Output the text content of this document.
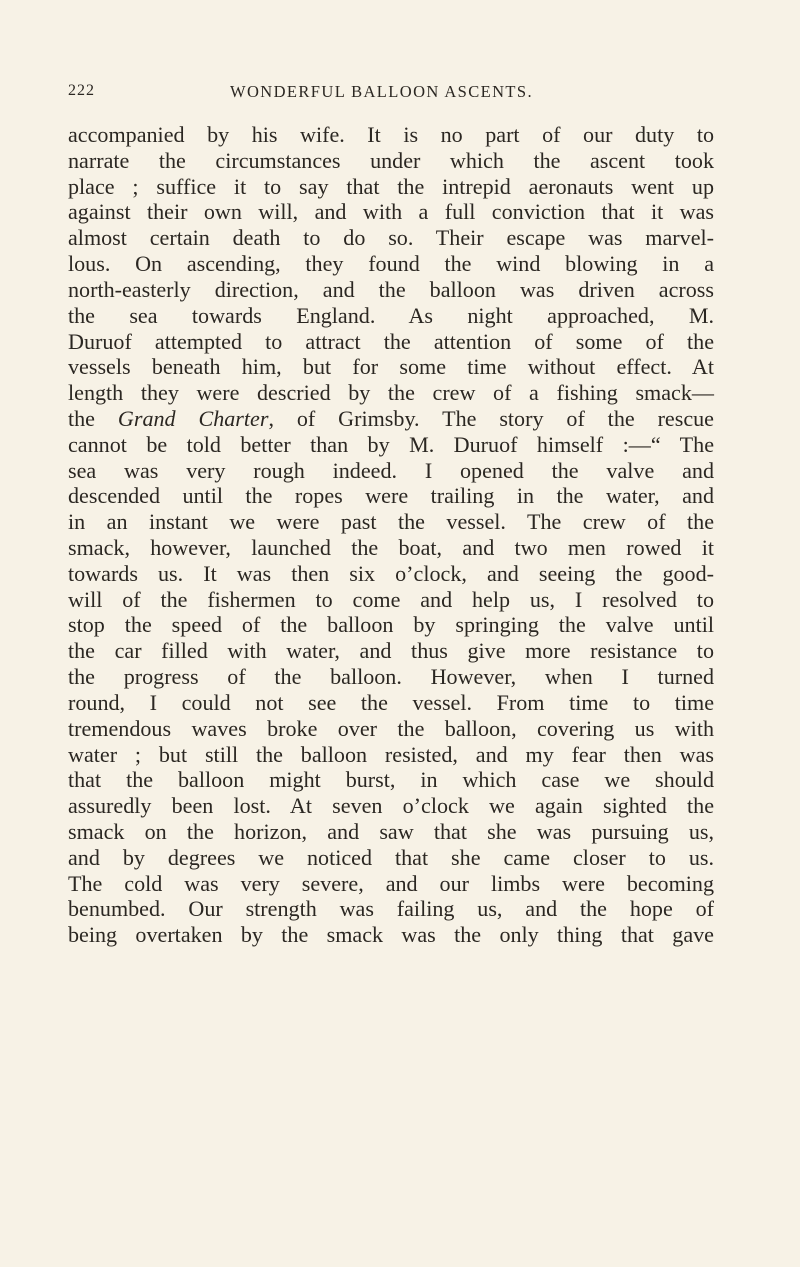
222	WONDERFUL BALLOON ASCENTS.
accompanied by his wife. It is no part of our duty to
narrate the circumstances under which the ascent took
place ; suffice it to say that the intrepid aeronauts went up
against their own will, and with a full conviction that it was
almost certain death to do so. Their escape was marvel-
lous. On ascending, they found the wind blowing in a
north-easterly direction, and the balloon was driven across
the sea towards England. As night approached, M.
Duruof attempted to attract the attention of some of the
vessels beneath him, but for some time without effect. At
length they were descried by the crew of a fishing smack—
the Grand Charter, of Grimsby. The story of the rescue
cannot be told better than by M. Duruof himself :—“ The
sea was very rough indeed. I opened the valve and
descended until the ropes were trailing in the water, and
in an instant we were past the vessel. The crew of the
smack, however, launched the boat, and two men rowed it
towards us. It was then six o’clock, and seeing the good-
will of the fishermen to come and help us, I resolved to
stop the speed of the balloon by springing the valve until
the car filled with water, and thus give more resistance to
the progress of the balloon. However, when I turned
round, I could not see the vessel. From time to time
tremendous waves broke over the balloon, covering us with
water ; but still the balloon resisted, and my fear then was
that the balloon might burst, in which case we should
assuredly been lost. At seven o’clock we again sighted the
smack on the horizon, and saw that she was pursuing us,
and by degrees we noticed that she came closer to us.
The cold was very severe, and our limbs were becoming
benumbed. Our strength was failing us, and the hope of
being overtaken by the smack was the only thing that gave
